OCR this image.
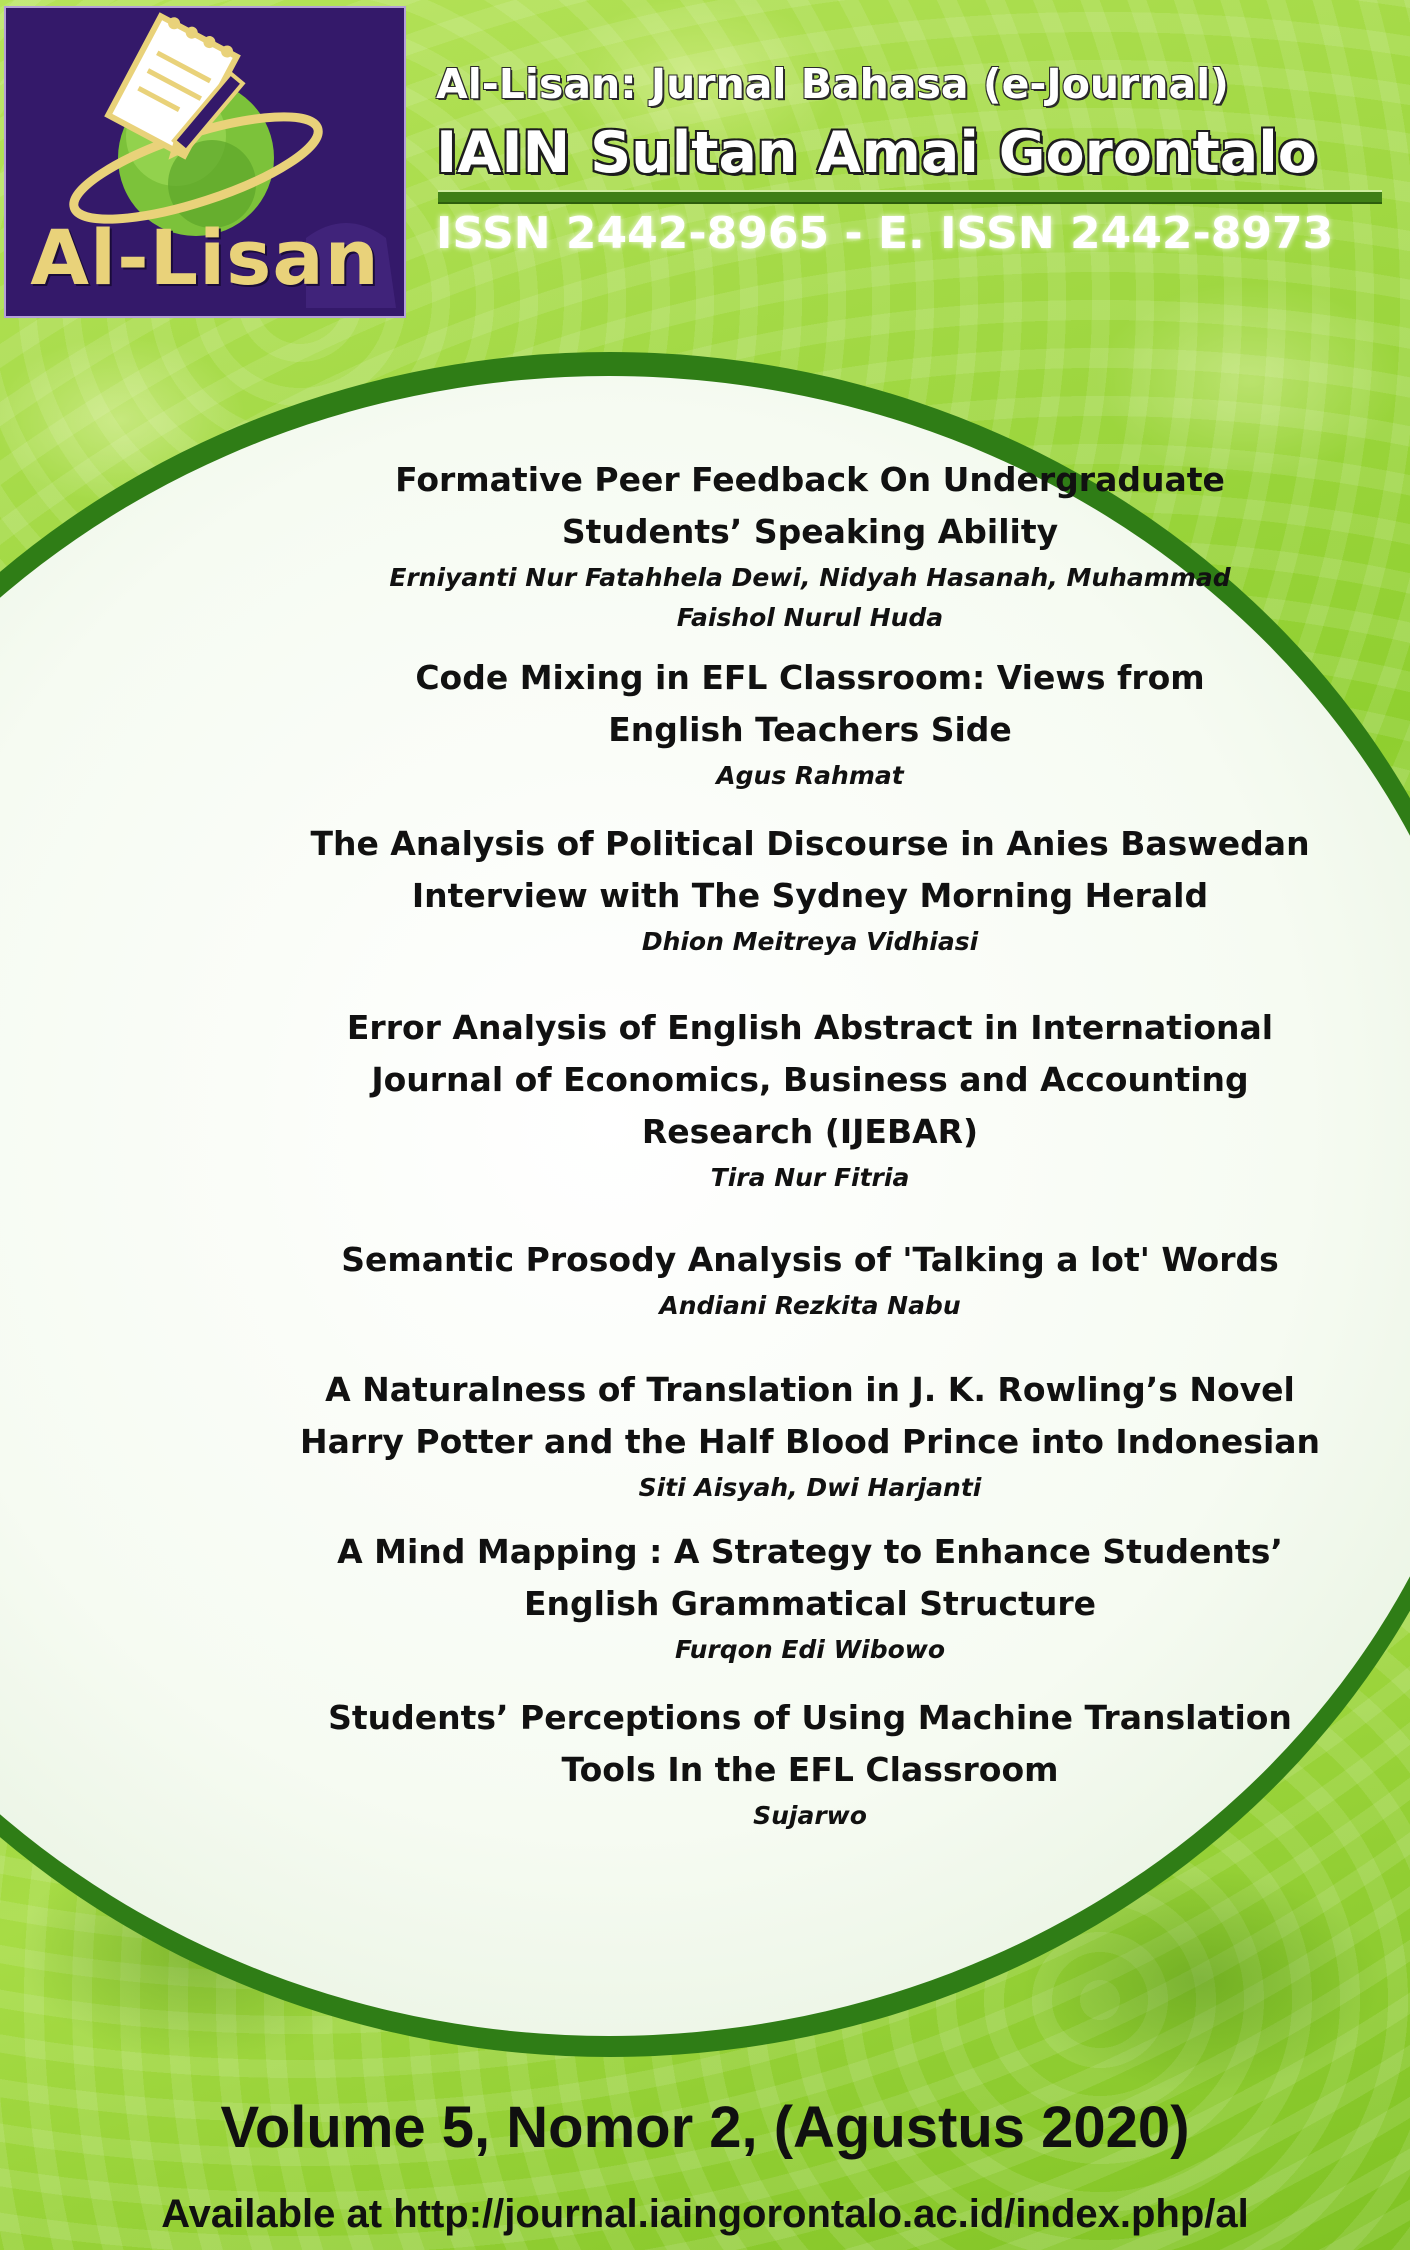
Al-Lisan
Al-Lisan: Jurnal Bahasa (e-Journal)
IAIN Sultan Amai Gorontalo
ISSN 2442-8965 - E. ISSN 2442-8973
Formative Peer Feedback On Undergraduate
Students’ Speaking Ability
Erniyanti Nur Fatahhela Dewi, Nidyah Hasanah, Muhammad
Faishol Nurul Huda
Code Mixing in EFL Classroom: Views from
English Teachers Side
Agus Rahmat
The Analysis of Political Discourse in Anies Baswedan
Interview with The Sydney Morning Herald
Dhion Meitreya Vidhiasi
Error Analysis of English Abstract in International
Journal of Economics, Business and Accounting
Research (IJEBAR)
Tira Nur Fitria
Semantic Prosody Analysis of 'Talking a lot' Words
Andiani Rezkita Nabu
A Naturalness of Translation in J. K. Rowling’s Novel
Harry Potter and the Half Blood Prince into Indonesian
Siti Aisyah, Dwi Harjanti
A Mind Mapping : A Strategy to Enhance Students’
English Grammatical Structure
Furqon Edi Wibowo
Students’ Perceptions of Using Machine Translation
Tools In the EFL Classroom
Sujarwo
Volume 5, Nomor 2, (Agustus 2020)
Available at http://journal.iaingorontalo.ac.id/index.php/al
